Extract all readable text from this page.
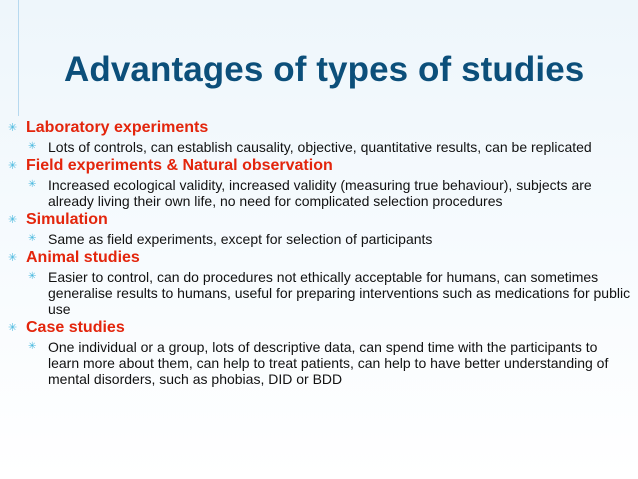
Advantages of types of studies
✳ Laboratory experiments
✳ Lots of controls, can establish causality, objective, quantitative results, can be replicated
✳ Field experiments & Natural observation
✳ Increased ecological validity, increased validity (measuring true behaviour), subjects are already living their own life, no need for complicated selection procedures
✳ Simulation
✳ Same as field experiments, except for selection of participants
✳ Animal studies
✳ Easier to control, can do procedures not ethically acceptable for humans, can sometimes generalise results to humans, useful for preparing interventions such as medications for public use
✳ Case studies
✳ One individual or a group, lots of descriptive data, can spend time with the participants to learn more about them, can help to treat patients, can help to have better understanding of mental disorders, such as phobias, DID or BDD
